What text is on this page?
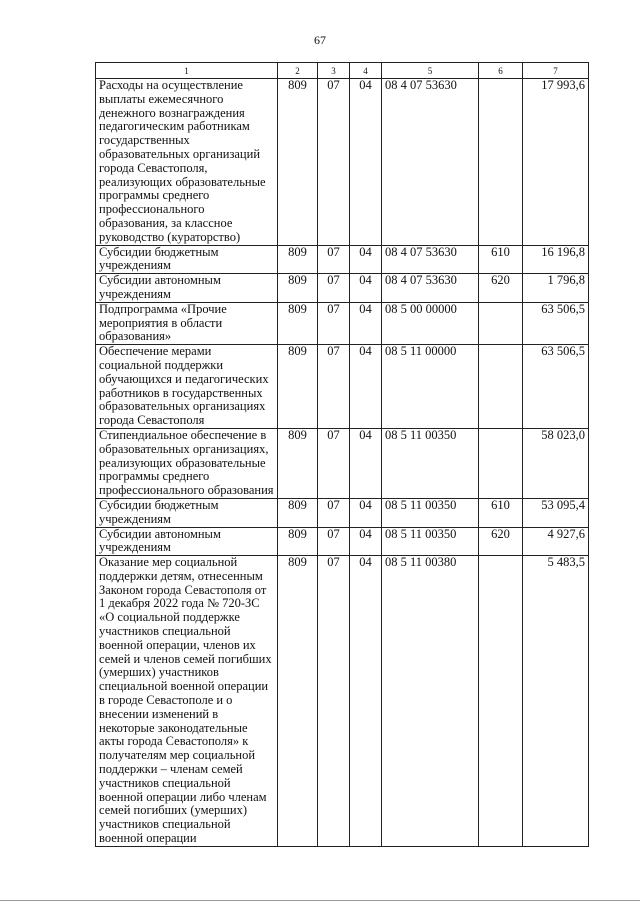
67
1	2	3	4	5	6	7
Расходы на осуществление выплаты ежемесячного денежного вознаграждения педагогическим работникам государственных образовательных организаций города Севастополя, реализующих образовательные программы среднего профессионального образования, за классное руководство (кураторство)	809	07	04	08 4 07 53630		17 993,6
Субсидии бюджетным учреждениям	809	07	04	08 4 07 53630	610	16 196,8
Субсидии автономным учреждениям	809	07	04	08 4 07 53630	620	1 796,8
Подпрограмма «Прочие мероприятия в области образования»	809	07	04	08 5 00 00000		63 506,5
Обеспечение мерами социальной поддержки обучающихся и педагогических работников в государственных образовательных организациях города Севастополя	809	07	04	08 5 11 00000		63 506,5
Стипендиальное обеспечение в образовательных организациях, реализующих образовательные программы среднего профессионального образования	809	07	04	08 5 11 00350		58 023,0
Субсидии бюджетным учреждениям	809	07	04	08 5 11 00350	610	53 095,4
Субсидии автономным учреждениям	809	07	04	08 5 11 00350	620	4 927,6
Оказание мер социальной поддержки детям, отнесенным Законом города Севастополя от 1 декабря 2022 года № 720-ЗС «О социальной поддержке участников специальной военной операции, членов их семей и членов семей погибших (умерших) участников специальной военной операции в городе Севастополе и о внесении изменений в некоторые законодательные акты города Севастополя» к получателям мер социальной поддержки – членам семей участников специальной военной операции либо членам семей погибших (умерших) участников специальной военной операции	809	07	04	08 5 11 00380		5 483,5
